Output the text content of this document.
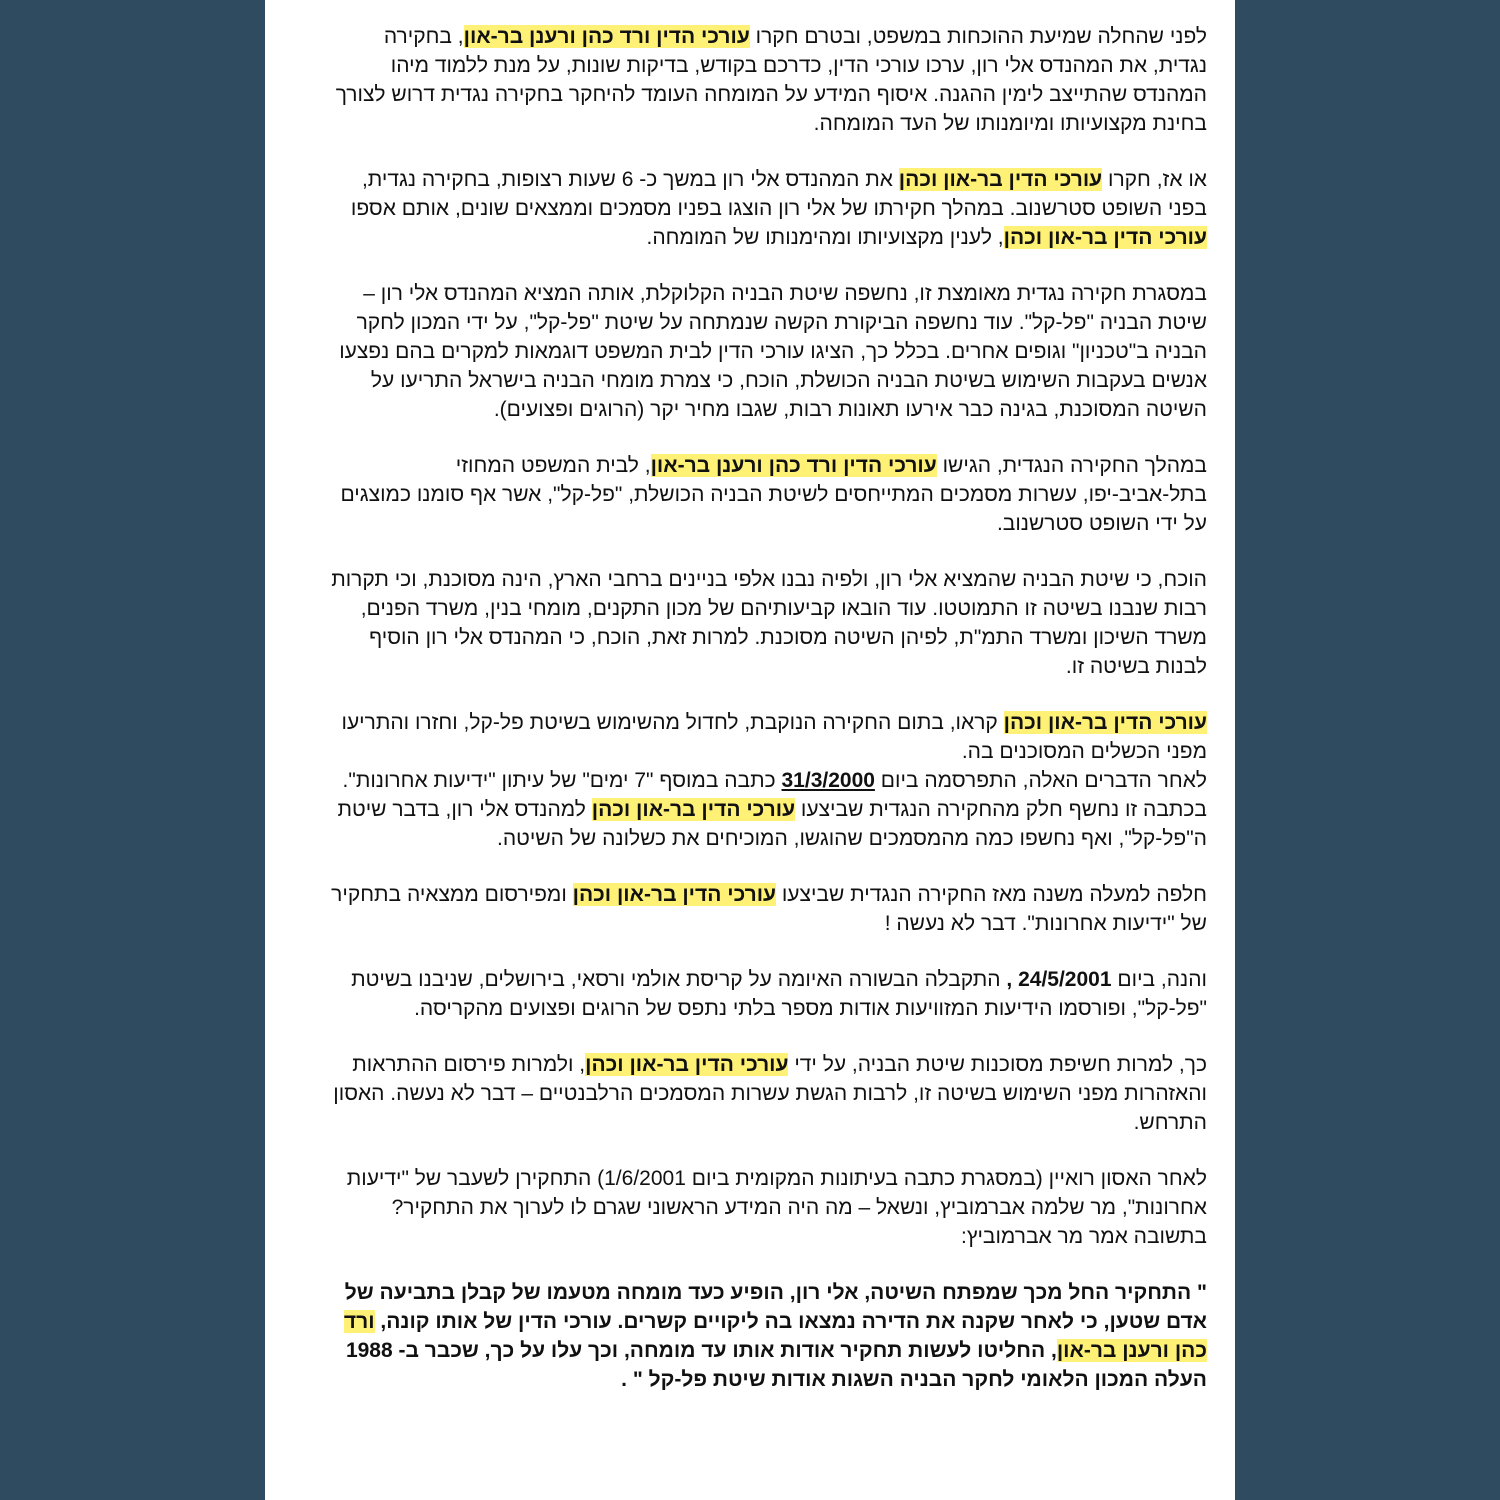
לפני שהחלה שמיעת ההוכחות במשפט, ובטרם חקרו עורכי הדין ורד כהן ורענן בר-און, בחקירה נגדית, את המהנדס אלי רון, ערכו עורכי הדין, כדרכם בקודש, בדיקות שונות, על מנת ללמוד מיהו המהנדס שהתייצב לימין ההגנה. איסוף המידע על המומחה העומד להיחקר בחקירה נגדית דרוש לצורך בחינת מקצועיותו ומיומנותו של העד המומחה.

או אז, חקרו עורכי הדין בר-און וכהן את המהנדס אלי רון במשך כ- 6 שעות רצופות, בחקירה נגדית, בפני השופט סטרשנוב. במהלך חקירתו של אלי רון הוצגו בפניו מסמכים וממצאים שונים, אותם אספו עורכי הדין בר-און וכהן, לענין מקצועיותו ומהימנותו של המומחה.

במסגרת חקירה נגדית מאומצת זו, נחשפה שיטת הבניה הקלוקלת, אותה המציא המהנדס אלי רון – שיטת הבניה "פל-קל". עוד נחשפה הביקורת הקשה שנמתחה על שיטת "פל-קל", על ידי המכון לחקר הבניה ב"טכניון" וגופים אחרים. בכלל כך, הציגו עורכי הדין לבית המשפט דוגמאות למקרים בהם נפצעו אנשים בעקבות השימוש בשיטת הבניה הכושלת, הוכח, כי צמרת מומחי הבניה בישראל התריעו על השיטה המסוכנת, בגינה כבר אירעו תאונות רבות, שגבו מחיר יקר (הרוגים ופצועים).

במהלך החקירה הנגדית, הגישו עורכי הדין ורד כהן ורענן בר-און, לבית המשפט המחוזי בתל-אביב-יפו, עשרות מסמכים המתייחסים לשיטת הבניה הכושלת, "פל-קל", אשר אף סומנו כמוצגים על ידי השופט סטרשנוב.

הוכח, כי שיטת הבניה שהמציא אלי רון, ולפיה נבנו אלפי בניינים ברחבי הארץ, הינה מסוכנת, וכי תקרות רבות שנבנו בשיטה זו התמוטטו. עוד הובאו קביעותיהם של מכון התקנים, מומחי בנין, משרד הפנים, משרד השיכון ומשרד התמ"ת, לפיהן השיטה מסוכנת. למרות זאת, הוכח, כי המהנדס אלי רון הוסיף לבנות בשיטה זו.

עורכי הדין בר-און וכהן קראו, בתום החקירה הנוקבת, לחדול מהשימוש בשיטת פל-קל, וחזרו והתריעו מפני הכשלים המסוכנים בה.

לאחר הדברים האלה, התפרסמה ביום 31/3/2000 כתבה במוסף "7 ימים" של עיתון "ידיעות אחרונות". בכתבה זו נחשף חלק מהחקירה הנגדית שביצעו עורכי הדין בר-און וכהן למהנדס אלי רון, בדבר שיטת ה"פל-קל", ואף נחשפו כמה מהמסמכים שהוגשו, המוכיחים את כשלונה של השיטה.

חלפה למעלה משנה מאז החקירה הנגדית שביצעו עורכי הדין בר-און וכהן ומפירסום ממצאיה בתחקיר של "ידיעות אחרונות". דבר לא נעשה !

והנה, ביום 24/5/2001 , התקבלה הבשורה האיומה על קריסת אולמי ורסאי, בירושלים, שניבנו בשיטת "פל-קל", ופורסמו הידיעות המזוויעות אודות מספר בלתי נתפס של הרוגים ופצועים מהקריסה.

כך, למרות חשיפת מסוכנות שיטת הבניה, על ידי עורכי הדין בר-און וכהן, ולמרות פירסום ההתראות והאזהרות מפני השימוש בשיטה זו, לרבות הגשת עשרות המסמכים הרלבנטיים – דבר לא נעשה. האסון התרחש.

לאחר האסון רואיין (במסגרת כתבה בעיתונות המקומית ביום 1/6/2001) התחקירן לשעבר של "ידיעות אחרונות", מר שלמה אברמוביץ, ונשאל – מה היה המידע הראשוני שגרם לו לערוך את התחקיר? בתשובה אמר מר אברמוביץ:

" התחקיר החל מכך שמפתח השיטה, אלי רון, הופיע כעד מומחה מטעמו של קבלן בתביעה של אדם שטען, כי לאחר שקנה את הדירה נמצאו בה ליקויים קשרים. עורכי הדין של אותו קונה, ורד כהן ורענן בר-און, החליטו לעשות תחקיר אודות אותו עד מומחה, וכך עלו על כך, שכבר ב- 1988 העלה המכון הלאומי לחקר הבניה השגות אודות שיטת פל-קל " .
